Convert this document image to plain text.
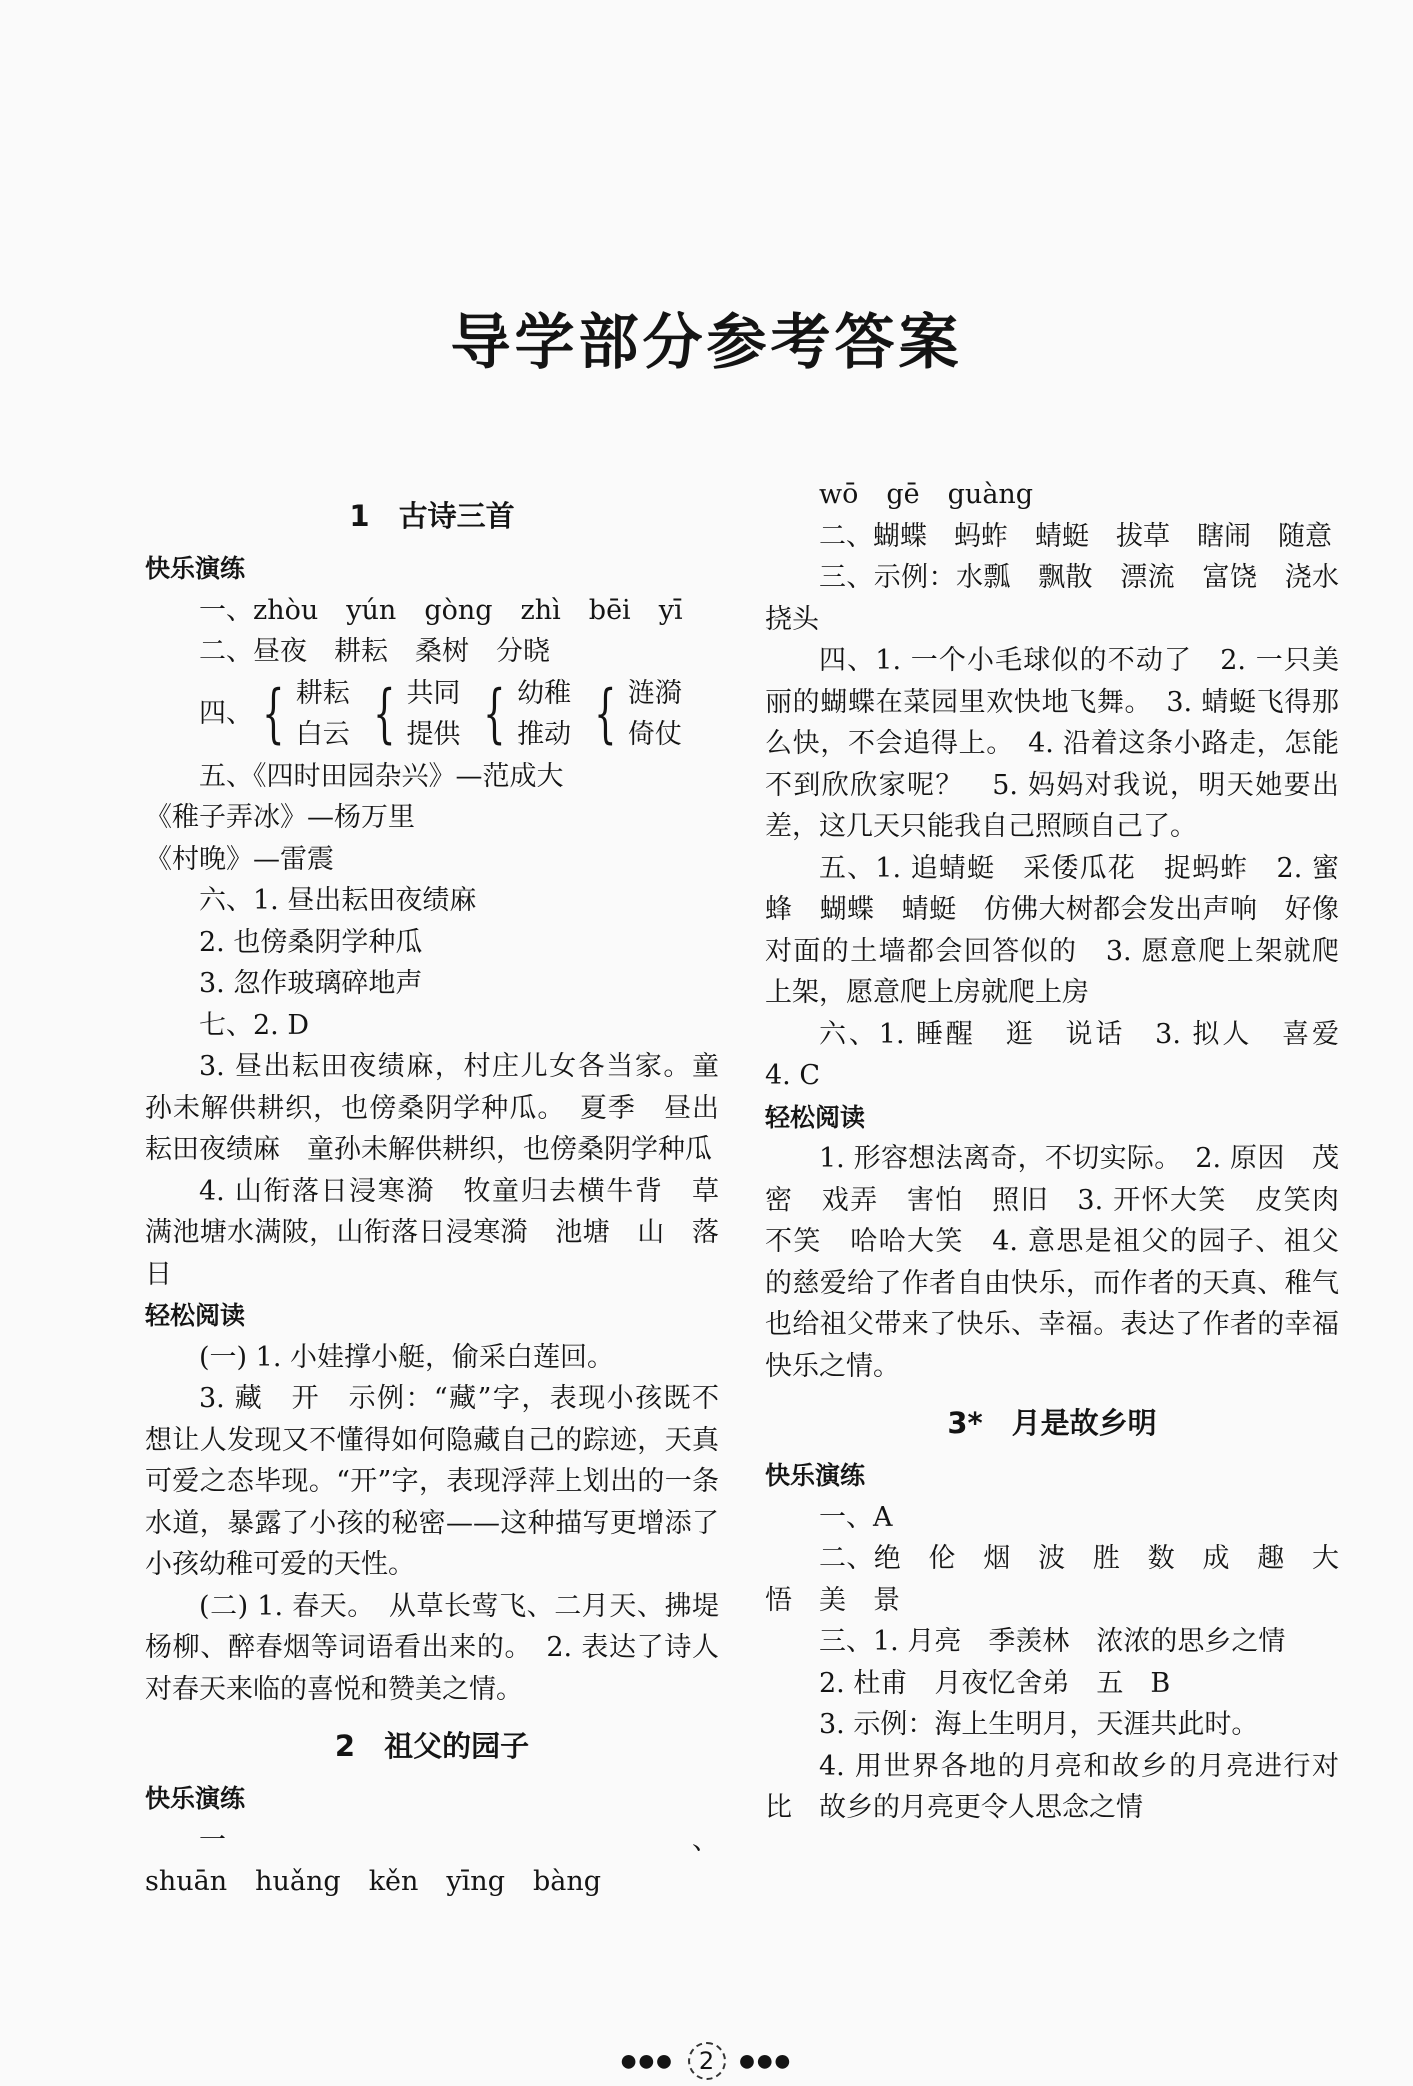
导学部分参考答案
1　古诗三首
快乐演练

一、zhòu yún gòng zhì bēi yī

二、昼夜　耕耘　桑树　分晓

四、 { 耕耘
白云 { 共同
提供 { 幼稚
推动 { 涟漪
倚仗

五、《四时田园杂兴》—范成大

《稚子弄冰》—杨万里

《村晚》—雷震

六、1. 昼出耘田夜绩麻

2. 也傍桑阴学种瓜

3. 忽作玻璃碎地声

七、2. D

3. 昼出耘田夜绩麻，村庄儿女各当家。童孙未解供耕织，也傍桑阴学种瓜。　夏季　昼出耘田夜绩麻　童孙未解供耕织，也傍桑阴学种瓜

4. 山衔落日浸寒漪　牧童归去横牛背　草满池塘水满陂，山衔落日浸寒漪　池塘　山　落日

轻松阅读

(一) 1. 小娃撑小艇，偷采白莲回。

3. 藏　开　示例：“藏”字，表现小孩既不想让人发现又不懂得如何隐藏自己的踪迹，天真可爱之态毕现。“开”字，表现浮萍上划出的一条水道，暴露了小孩的秘密——这种描写更增添了小孩幼稚可爱的天性。

(二) 1. 春天。　从草长莺飞、二月天、拂堤杨柳、醉春烟等词语看出来的。　2. 表达了诗人对春天来临的喜悦和赞美之情。

2　祖父的园子
快乐演练

一、shuān huǎng kěn yīng bàng

wō gē guàng

二、蝴蝶　蚂蚱　蜻蜓　拔草　瞎闹　随意

三、示例：水瓢　飘散　漂流　富饶　浇水　挠头

四、1. 一个小毛球似的不动了　2. 一只美丽的蝴蝶在菜园里欢快地飞舞。　3. 蜻蜓飞得那么快，不会追得上。　4. 沿着这条小路走，怎能不到欣欣家呢？　5. 妈妈对我说，明天她要出差，这几天只能我自己照顾自己了。

五、1. 追蜻蜓　采倭瓜花　捉蚂蚱　2. 蜜蜂　蝴蝶　蜻蜓　仿佛大树都会发出声响　好像对面的土墙都会回答似的　3. 愿意爬上架就爬上架，愿意爬上房就爬上房

六、1. 睡醒　逛　说话　3. 拟人　喜爱　4. C

轻松阅读

1. 形容想法离奇，不切实际。　2. 原因　茂密　戏弄　害怕　照旧　3. 开怀大笑　皮笑肉不笑　哈哈大笑　4. 意思是祖父的园子、祖父的慈爱给了作者自由快乐，而作者的天真、稚气也给祖父带来了快乐、幸福。表达了作者的幸福快乐之情。

3*　月是故乡明
快乐演练

一、A

二、绝　伦　烟　波　胜　数　成　趣　大　悟　美　景

三、1. 月亮　季羡林　浓浓的思乡之情

2. 杜甫　月夜忆舍弟　五　B

3. 示例：海上生明月，天涯共此时。

4. 用世界各地的月亮和故乡的月亮进行对比　故乡的月亮更令人思念之情

●●● 2 ●●●
